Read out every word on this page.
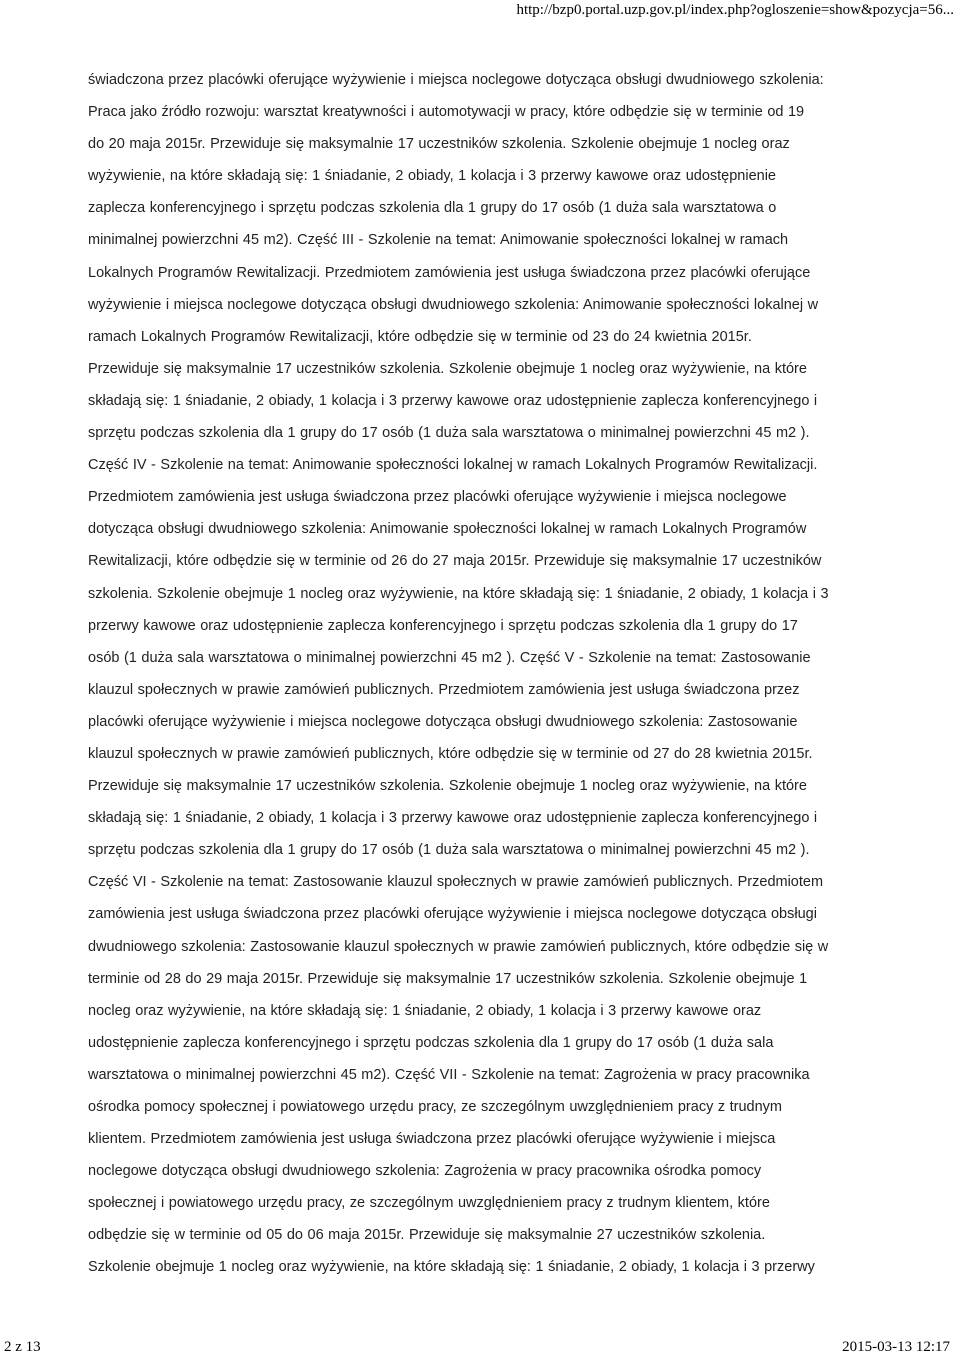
http://bzp0.portal.uzp.gov.pl/index.php?ogloszenie=show&pozycja=56...
świadczona przez placówki oferujące wyżywienie i miejsca noclegowe dotycząca obsługi dwudniowego szkolenia:
Praca jako źródło rozwoju: warsztat kreatywności i automotywacji w pracy, które odbędzie się w terminie od 19
do 20 maja 2015r. Przewiduje się maksymalnie 17 uczestników szkolenia. Szkolenie obejmuje 1 nocleg oraz
wyżywienie, na które składają się: 1 śniadanie, 2 obiady, 1 kolacja i 3 przerwy kawowe oraz udostępnienie
zaplecza konferencyjnego i sprzętu podczas szkolenia dla 1 grupy do 17 osób (1 duża sala warsztatowa o
minimalnej powierzchni 45 m2). Część III - Szkolenie na temat: Animowanie społeczności lokalnej w ramach
Lokalnych Programów Rewitalizacji. Przedmiotem zamówienia jest usługa świadczona przez placówki oferujące
wyżywienie i miejsca noclegowe dotycząca obsługi dwudniowego szkolenia: Animowanie społeczności lokalnej w
ramach Lokalnych Programów Rewitalizacji, które odbędzie się w terminie od 23 do 24 kwietnia 2015r.
Przewiduje się maksymalnie 17 uczestników szkolenia. Szkolenie obejmuje 1 nocleg oraz wyżywienie, na które
składają się: 1 śniadanie, 2 obiady, 1 kolacja i 3 przerwy kawowe oraz udostępnienie zaplecza konferencyjnego i
sprzętu podczas szkolenia dla 1 grupy do 17 osób (1 duża sala warsztatowa o minimalnej powierzchni 45 m2 ).
Część IV - Szkolenie na temat: Animowanie społeczności lokalnej w ramach Lokalnych Programów Rewitalizacji.
Przedmiotem zamówienia jest usługa świadczona przez placówki oferujące wyżywienie i miejsca noclegowe
dotycząca obsługi dwudniowego szkolenia: Animowanie społeczności lokalnej w ramach Lokalnych Programów
Rewitalizacji, które odbędzie się w terminie od 26 do 27 maja 2015r. Przewiduje się maksymalnie 17 uczestników
szkolenia. Szkolenie obejmuje 1 nocleg oraz wyżywienie, na które składają się: 1 śniadanie, 2 obiady, 1 kolacja i 3
przerwy kawowe oraz udostępnienie zaplecza konferencyjnego i sprzętu podczas szkolenia dla 1 grupy do 17
osób (1 duża sala warsztatowa o minimalnej powierzchni 45 m2 ). Część V - Szkolenie na temat: Zastosowanie
klauzul społecznych w prawie zamówień publicznych. Przedmiotem zamówienia jest usługa świadczona przez
placówki oferujące wyżywienie i miejsca noclegowe dotycząca obsługi dwudniowego szkolenia: Zastosowanie
klauzul społecznych w prawie zamówień publicznych, które odbędzie się w terminie od 27 do 28 kwietnia 2015r.
Przewiduje się maksymalnie 17 uczestników szkolenia. Szkolenie obejmuje 1 nocleg oraz wyżywienie, na które
składają się: 1 śniadanie, 2 obiady, 1 kolacja i 3 przerwy kawowe oraz udostępnienie zaplecza konferencyjnego i
sprzętu podczas szkolenia dla 1 grupy do 17 osób (1 duża sala warsztatowa o minimalnej powierzchni 45 m2 ).
Część VI - Szkolenie na temat: Zastosowanie klauzul społecznych w prawie zamówień publicznych. Przedmiotem
zamówienia jest usługa świadczona przez placówki oferujące wyżywienie i miejsca noclegowe dotycząca obsługi
dwudniowego szkolenia: Zastosowanie klauzul społecznych w prawie zamówień publicznych, które odbędzie się w
terminie od 28 do 29 maja 2015r. Przewiduje się maksymalnie 17 uczestników szkolenia. Szkolenie obejmuje 1
nocleg oraz wyżywienie, na które składają się: 1 śniadanie, 2 obiady, 1 kolacja i 3 przerwy kawowe oraz
udostępnienie zaplecza konferencyjnego i sprzętu podczas szkolenia dla 1 grupy do 17 osób (1 duża sala
warsztatowa o minimalnej powierzchni 45 m2). Część VII - Szkolenie na temat: Zagrożenia w pracy pracownika
ośrodka pomocy społecznej i powiatowego urzędu pracy, ze szczególnym uwzględnieniem pracy z trudnym
klientem. Przedmiotem zamówienia jest usługa świadczona przez placówki oferujące wyżywienie i miejsca
noclegowe dotycząca obsługi dwudniowego szkolenia: Zagrożenia w pracy pracownika ośrodka pomocy
społecznej i powiatowego urzędu pracy, ze szczególnym uwzględnieniem pracy z trudnym klientem, które
odbędzie się w terminie od 05 do 06 maja 2015r. Przewiduje się maksymalnie 27 uczestników szkolenia.
Szkolenie obejmuje 1 nocleg oraz wyżywienie, na które składają się: 1 śniadanie, 2 obiady, 1 kolacja i 3 przerwy
2 z 13	2015-03-13 12:17
